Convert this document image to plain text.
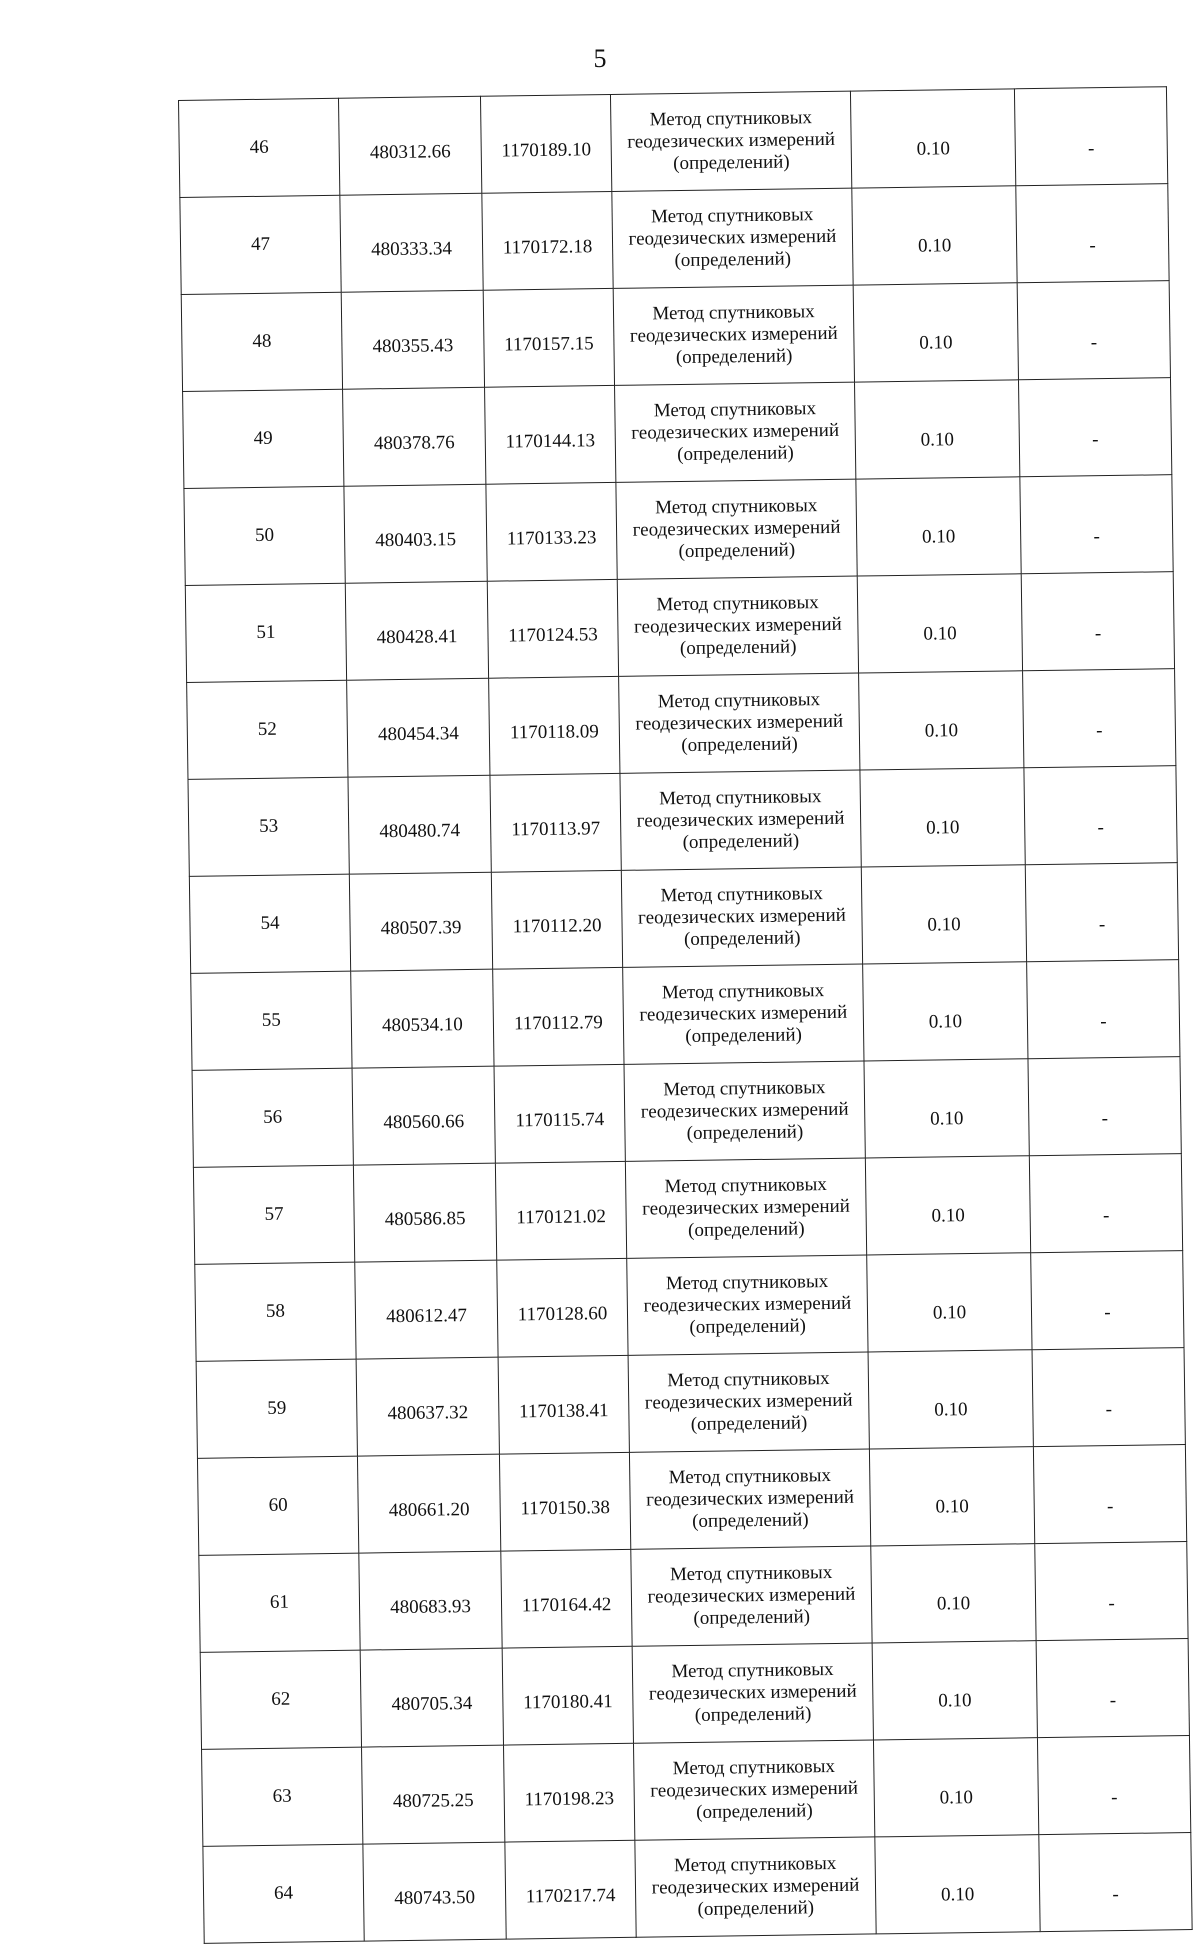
5
46	480312.66	1170189.10	Метод спутниковых
геодезических измерений
(определений)	0.10	-
47	480333.34	1170172.18	Метод спутниковых
геодезических измерений
(определений)	0.10	-
48	480355.43	1170157.15	Метод спутниковых
геодезических измерений
(определений)	0.10	-
49	480378.76	1170144.13	Метод спутниковых
геодезических измерений
(определений)	0.10	-
50	480403.15	1170133.23	Метод спутниковых
геодезических измерений
(определений)	0.10	-
51	480428.41	1170124.53	Метод спутниковых
геодезических измерений
(определений)	0.10	-
52	480454.34	1170118.09	Метод спутниковых
геодезических измерений
(определений)	0.10	-
53	480480.74	1170113.97	Метод спутниковых
геодезических измерений
(определений)	0.10	-
54	480507.39	1170112.20	Метод спутниковых
геодезических измерений
(определений)	0.10	-
55	480534.10	1170112.79	Метод спутниковых
геодезических измерений
(определений)	0.10	-
56	480560.66	1170115.74	Метод спутниковых
геодезических измерений
(определений)	0.10	-
57	480586.85	1170121.02	Метод спутниковых
геодезических измерений
(определений)	0.10	-
58	480612.47	1170128.60	Метод спутниковых
геодезических измерений
(определений)	0.10	-
59	480637.32	1170138.41	Метод спутниковых
геодезических измерений
(определений)	0.10	-
60	480661.20	1170150.38	Метод спутниковых
геодезических измерений
(определений)	0.10	-
61	480683.93	1170164.42	Метод спутниковых
геодезических измерений
(определений)	0.10	-
62	480705.34	1170180.41	Метод спутниковых
геодезических измерений
(определений)	0.10	-
63	480725.25	1170198.23	Метод спутниковых
геодезических измерений
(определений)	0.10	-
64	480743.50	1170217.74	Метод спутниковых
геодезических измерений
(определений)	0.10	-
